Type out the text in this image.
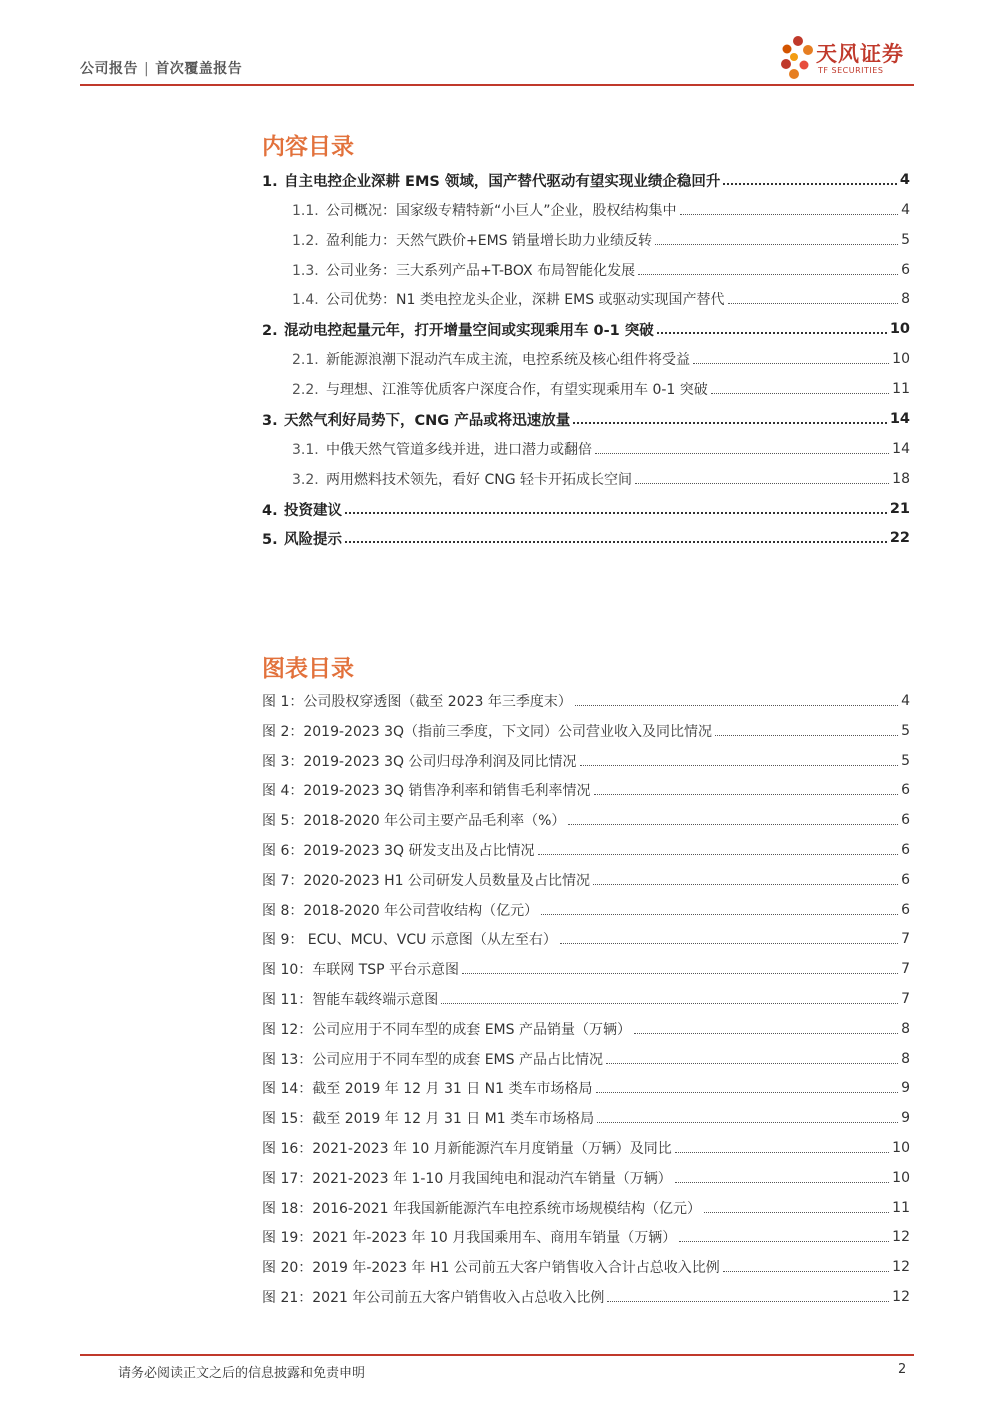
公司报告 | 首次覆盖报告
天风证券
TF SECURITIES
内容目录
1. 自主电控企业深耕 EMS 领域，国产替代驱动有望实现业绩企稳回升	4
1.1. 公司概况：国家级专精特新“小巨人”企业，股权结构集中	4
1.2. 盈利能力：天然气跌价+EMS 销量增长助力业绩反转	5
1.3. 公司业务：三大系列产品+T-BOX 布局智能化发展	6
1.4. 公司优势：N1 类电控龙头企业，深耕 EMS 或驱动实现国产替代	8
2. 混动电控起量元年，打开增量空间或实现乘用车 0-1 突破	10
2.1. 新能源浪潮下混动汽车成主流，电控系统及核心组件将受益	10
2.2. 与理想、江淮等优质客户深度合作，有望实现乘用车 0-1 突破	11
3. 天然气利好局势下，CNG 产品或将迅速放量	14
3.1. 中俄天然气管道多线并进，进口潜力或翻倍	14
3.2. 两用燃料技术领先，看好 CNG 轻卡开拓成长空间	18
4. 投资建议	21
5. 风险提示	22
图表目录
图 1：公司股权穿透图（截至 2023 年三季度末）	4
图 2：2019-2023 3Q（指前三季度，下文同）公司营业收入及同比情况	5
图 3：2019-2023 3Q 公司归母净利润及同比情况	5
图 4：2019-2023 3Q 销售净利率和销售毛利率情况	6
图 5：2018-2020 年公司主要产品毛利率（%）	6
图 6：2019-2023 3Q 研发支出及占比情况	6
图 7：2020-2023 H1 公司研发人员数量及占比情况	6
图 8：2018-2020 年公司营收结构（亿元）	6
图 9： ECU、MCU、VCU 示意图（从左至右）	7
图 10：车联网 TSP 平台示意图	7
图 11：智能车载终端示意图	7
图 12：公司应用于不同车型的成套 EMS 产品销量（万辆）	8
图 13：公司应用于不同车型的成套 EMS 产品占比情况	8
图 14：截至 2019 年 12 月 31 日 N1 类车市场格局	9
图 15：截至 2019 年 12 月 31 日 M1 类车市场格局	9
图 16：2021-2023 年 10 月新能源汽车月度销量（万辆）及同比	10
图 17：2021-2023 年 1-10 月我国纯电和混动汽车销量（万辆）	10
图 18：2016-2021 年我国新能源汽车电控系统市场规模结构（亿元）	11
图 19：2021 年-2023 年 10 月我国乘用车、商用车销量（万辆）	12
图 20：2019 年-2023 年 H1 公司前五大客户销售收入合计占总收入比例	12
图 21：2021 年公司前五大客户销售收入占总收入比例	12
请务必阅读正文之后的信息披露和免责申明	2
